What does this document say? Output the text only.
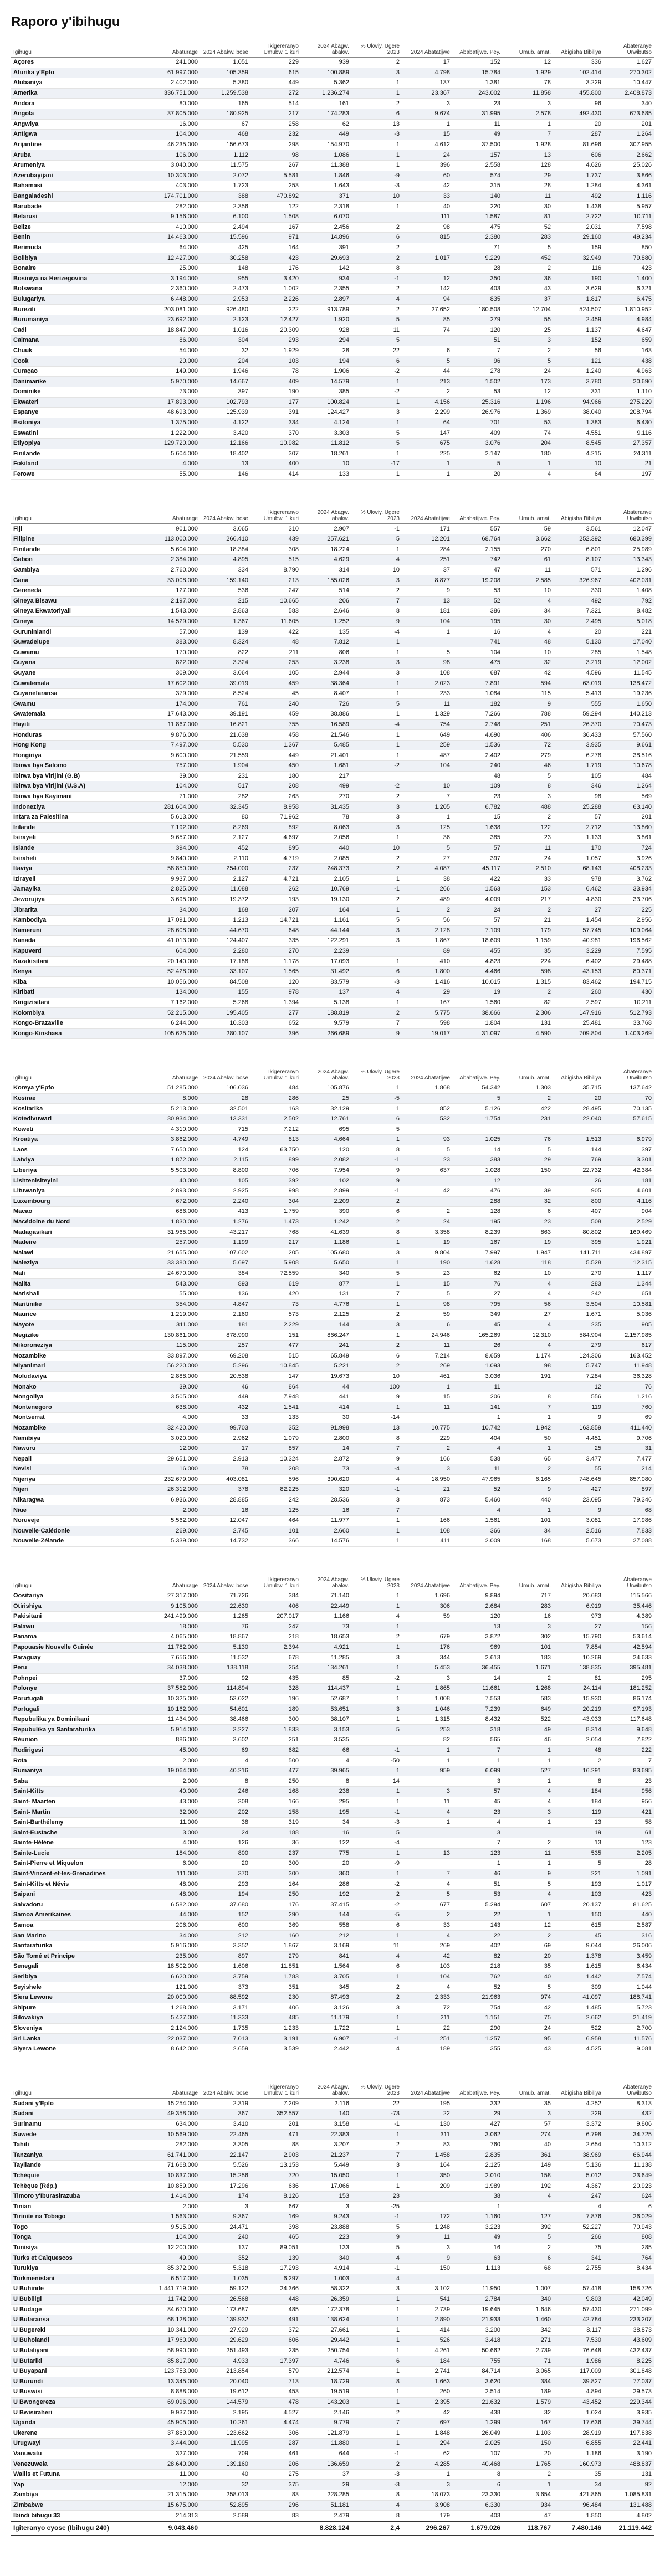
Raporo y'ibihugu
Igihugu	Abaturage	2024 Abakw. bose	Ikigereranyo Umubw. 1 kuri	2024 Abagw. abakw.	% Ukwiy. Ugere 2023	2024 Abatatijwe	Ababatijwe. Pey.	Umub. amat.	Abigisha Bibiliya	Abateranye Urwibutso
Açores	241.000	1.051	229	939	2	17	152	12	336	1.627
Afurika y'Epfo	61.997.000	105.359	615	100.889	3	4.798	15.784	1.929	102.414	270.302
Alubaniya	2.402.000	5.380	449	5.362	1	137	1.381	78	3.229	10.447
Amerika	336.751.000	1.259.538	272	1.236.274	1	23.367	243.002	11.858	455.800	2.408.873
Andora	80.000	165	514	161	2	3	23	3	96	340
Angola	37.805.000	180.925	217	174.283	6	9.674	31.995	2.578	492.430	673.685
Angwiya	16.000	67	258	62	13	1	11	1	20	201
Antigwa	104.000	468	232	449	-3	15	49	7	287	1.264
Arijantine	46.235.000	156.673	298	154.970	1	4.612	37.500	1.928	81.696	307.955
Aruba	106.000	1.112	98	1.086	1	24	157	13	606	2.662
Arumeniya	3.040.000	11.575	267	11.388	1	396	2.558	128	4.626	25.026
Azerubayijani	10.303.000	2.072	5.581	1.846	-9	60	574	29	1.737	3.866
Bahamasi	403.000	1.723	253	1.643	-3	42	315	28	1.284	4.361
Bangaladeshi	174.701.000	388	470.892	371	10	33	140	11	492	1.116
Barubade	282.000	2.356	122	2.318	1	40	220	30	1.438	5.957
Belarusi	9.156.000	6.100	1.508	6.070		111	1.587	81	2.722	10.711
Belize	410.000	2.494	167	2.456	2	98	475	52	2.031	7.598
Benin	14.463.000	15.596	971	14.896	6	815	2.380	283	29.160	49.234
Berimuda	64.000	425	164	391	2		71	5	159	850
Bolibiya	12.427.000	30.258	423	29.693	2	1.017	9.229	452	32.949	79.880
Bonaire	25.000	148	176	142	8		28	2	116	423
Bosiniya na Herizegovina	3.194.000	955	3.420	934	-1	12	350	36	190	1.400
Botswana	2.360.000	2.473	1.002	2.355	2	142	403	43	3.629	6.321
Bulugariya	6.448.000	2.953	2.226	2.897	4	94	835	37	1.817	6.475
Burezili	203.081.000	926.480	222	913.789	2	27.652	180.508	12.704	524.507	1.810.952
Burumaniya	23.692.000	2.123	12.427	1.920	5	85	279	55	2.459	4.984
Cadi	18.847.000	1.016	20.309	928	11	74	120	25	1.137	4.647
Calmana	86.000	304	293	294	5		51	3	152	659
Chuuk	54.000	32	1.929	28	22	6	7	2	56	163
Cook	20.000	204	103	194	6	5	96	5	121	438
Curaçao	149.000	1.946	78	1.906	-2	44	278	24	1.240	4.963
Danimarike	5.970.000	14.667	409	14.579	1	213	1.502	173	3.780	20.690
Dominike	73.000	397	190	385	-2	2	53	12	331	1.110
Ekwateri	17.893.000	102.793	177	100.824	1	4.156	25.316	1.196	94.966	275.229
Espanye	48.693.000	125.939	391	124.427	3	2.299	26.976	1.369	38.040	208.794
Esitoniya	1.375.000	4.122	334	4.124	1	64	701	53	1.383	6.430
Eswatini	1.222.000	3.420	370	3.303	5	147	409	74	4.551	9.116
Etiyopiya	129.720.000	12.166	10.982	11.812	5	675	3.076	204	8.545	27.357
Finilande	5.604.000	18.402	307	18.261	1	225	2.147	180	4.215	24.311
Fokiland	4.000	13	400	10	-17	1	5	1	10	21
Ferowe	55.000	146	414	133	1	1	20	4	64	197
Igihugu	Abaturage	2024 Abakw. bose	Ikigereranyo Umubw. 1 kuri	2024 Abagw. abakw.	% Ukwiy. Ugere 2023	2024 Abatatijwe	Ababatijwe. Pey.	Umub. amat.	Abigisha Bibiliya	Abateranye Urwibutso
Fiji	901.000	3.065	310	2.907	-1	171	557	59	3.561	12.047
Filipine	113.000.000	266.410	439	257.621	5	12.201	68.764	3.662	252.392	680.399
Finilande	5.604.000	18.384	308	18.224	1	284	2.155	270	6.801	25.989
Gabon	2.384.000	4.895	515	4.629	4	251	742	61	8.107	13.343
Gambiya	2.760.000	334	8.790	314	10	37	47	11	571	1.296
Gana	33.008.000	159.140	213	155.026	3	8.877	19.208	2.585	326.967	402.031
Gereneda	127.000	536	247	514	2	9	53	10	330	1.408
Gineya Bisawu	2.197.000	215	10.665	206	7	13	52	4	492	792
Gineya Ekwatoriyali	1.543.000	2.863	583	2.646	8	181	386	34	7.321	8.482
Gineya	14.529.000	1.367	11.605	1.252	9	104	195	30	2.495	5.018
Guruninlandi	57.000	139	422	135	-4	1	16	4	20	221
Guwadelupe	383.000	8.324	48	7.812	1		741	48	5.130	17.040
Guwamu	170.000	822	211	806	1	5	104	10	285	1.548
Guyana	822.000	3.324	253	3.238	3	98	475	32	3.219	12.002
Guyane	309.000	3.064	105	2.944	3	108	687	42	4.596	11.545
Guwatemala	17.602.000	39.019	459	38.364	1	2.023	7.891	594	63.019	138.472
Guyanefaransa	379.000	8.524	45	8.407	1	233	1.084	115	5.413	19.236
Gwamu	174.000	761	240	726	5	11	182	9	555	1.650
Gwatemala	17.643.000	39.191	459	38.886	1	1.329	7.266	788	59.294	140.213
Hayiti	11.867.000	16.821	755	16.589	-4	754	2.748	251	26.370	70.473
Honduras	9.876.000	21.638	458	21.546	1	649	4.690	406	36.433	57.560
Hong Kong	7.497.000	5.530	1.367	5.485	1	259	1.536	72	3.935	9.661
Hongiriya	9.600.000	21.559	449	21.401	1	487	2.402	279	6.278	38.516
Ibirwa bya Salomo	757.000	1.904	450	1.681	-2	104	240	46	1.719	10.678
Ibirwa bya Virijini (G.B)	39.000	231	180	217			48	5	105	484
Ibirwa bya Virijini (U.S.A)	104.000	517	208	499	-2	10	109	8	346	1.264
Ibirwa bya Kayimani	71.000	282	263	270	2	7	23	3	98	569
Indoneziya	281.604.000	32.345	8.958	31.435	3	1.205	6.782	488	25.288	63.140
Intara za Palesitina	5.613.000	80	71.962	78	3	1	15	2	57	201
Irilande	7.192.000	8.269	892	8.063	3	125	1.638	122	2.712	13.860
Isirayeli	9.657.000	2.127	4.697	2.056	1	36	385	23	1.133	3.861
Islande	394.000	452	895	440	10	5	57	11	170	724
Isiraheli	9.840.000	2.110	4.719	2.085	2	27	397	24	1.057	3.926
Itaviya	58.850.000	254.000	237	248.373	2	4.087	45.117	2.510	68.143	408.233
Izirayeli	9.937.000	2.127	4.721	2.105	1	38	422	33	978	3.762
Jamayika	2.825.000	11.088	262	10.769	-1	266	1.563	153	6.462	33.934
Jeworujiya	3.695.000	19.372	193	19.130	2	489	4.009	217	4.830	33.706
Jibrarita	34.000	168	207	164	1	2	24	2	27	225
Kambodiya	17.091.000	1.213	14.721	1.161	5	56	57	21	1.454	2.956
Kameruni	28.608.000	44.670	648	44.144	3	2.128	7.109	179	57.745	109.064
Kanada	41.013.000	124.407	335	122.291	3	1.867	18.609	1.159	40.981	196.562
Kapuverd	604.000	2.280	270	2.239		89	455	35	3.229	7.595
Kazakisitani	20.140.000	17.188	1.178	17.093	1	410	4.823	224	6.402	29.488
Kenya	52.428.000	33.107	1.565	31.492	6	1.800	4.466	598	43.153	80.371
Kiba	10.056.000	84.508	120	83.579	-3	1.416	10.015	1.315	83.462	194.715
Kiribati	134.000	155	978	137	4	29	19	2	260	430
Kirigizisitani	7.162.000	5.268	1.394	5.138	1	167	1.560	82	2.597	10.211
Kolombiya	52.215.000	195.405	277	188.819	2	5.775	38.666	2.306	147.916	512.793
Kongo-Brazaville	6.244.000	10.303	652	9.579	7	598	1.804	131	25.481	33.768
Kongo-Kinshasa	105.625.000	280.107	396	266.689	9	19.017	31.097	4.590	709.804	1.403.269
Igihugu	Abaturage	2024 Abakw. bose	Ikigereranyo Umubw. 1 kuri	2024 Abagw. abakw.	% Ukwiy. Ugere 2023	2024 Abatatijwe	Ababatijwe. Pey.	Umub. amat.	Abigisha Bibiliya	Abateranye Urwibutso
Koreya y'Epfo	51.285.000	106.036	484	105.876	1	1.868	54.342	1.303	35.715	137.642
Kosirae	8.000	28	286	25	-5		5	2	20	70
Kositarika	5.213.000	32.501	163	32.129	1	852	5.126	422	28.495	70.135
Kotedivuwari	30.934.000	13.331	2.502	12.761	6	532	1.754	231	22.040	57.615
Koweti	4.310.000	715	7.212	695	5					
Kroatiya	3.862.000	4.749	813	4.664	1	93	1.025	76	1.513	6.979
Laos	7.650.000	124	63.750	120	8	5	14	5	144	397
Latviya	1.872.000	2.115	899	2.082	-1	23	383	29	769	3.301
Liberiya	5.503.000	8.800	706	7.954	9	637	1.028	150	22.732	42.384
Lishtenisiteyini	40.000	105	392	102	9		12		26	181
Lituwaniya	2.893.000	2.925	998	2.899	-1	42	476	39	905	4.601
Luxembourg	672.000	2.240	304	2.209	2		288	32	800	4.116
Macao	686.000	413	1.759	390	6	2	128	6	407	904
Macédoine du Nord	1.830.000	1.276	1.473	1.242	2	24	195	23	508	2.529
Madagasikari	31.965.000	43.217	768	41.639	8	3.358	8.239	863	80.802	169.469
Madeire	257.000	1.199	217	1.186	1	19	167	19	395	1.921
Malawi	21.655.000	107.602	205	105.680	3	9.804	7.997	1.947	141.711	434.897
Maleziya	33.380.000	5.697	5.908	5.650	1	190	1.628	118	5.528	12.315
Mali	24.670.000	384	72.559	340	5	23	62	10	270	1.117
Malita	543.000	893	619	877	1	15	76	4	283	1.344
Marishali	55.000	136	420	131	7	5	27	4	242	651
Maritinike	354.000	4.847	73	4.776	1	98	795	56	3.504	10.581
Maurice	1.219.000	2.160	573	2.125	2	59	349	27	1.671	5.036
Mayote	311.000	181	2.229	144	3	6	45	4	235	905
Megizike	130.861.000	878.990	151	866.247	1	24.946	165.269	12.310	584.904	2.157.985
Mikoroneziya	115.000	257	477	241	2	11	26	4	279	617
Mozambike	33.897.000	69.208	515	65.849	6	7.214	8.659	1.174	124.306	163.452
Miyanimari	56.220.000	5.296	10.845	5.221	2	269	1.093	98	5.747	11.948
Moludaviya	2.888.000	20.538	147	19.673	10	461	3.036	191	7.284	36.328
Monako	39.000	46	864	44	100	1	11		12	76
Mongoliya	3.505.000	449	7.948	441	9	15	206	8	556	1.216
Montenegoro	638.000	432	1.541	414	1	11	141	7	119	760
Montserrat	4.000	33	133	30	-14		1	1	9	69
Mozambike	32.420.000	99.703	352	91.998	13	10.775	10.742	1.942	163.859	411.440
Namibiya	3.020.000	2.962	1.079	2.800	8	229	404	50	4.451	9.706
Nawuru	12.000	17	857	14	7	2	4	1	25	31
Nepali	29.651.000	2.913	10.324	2.872	9	166	538	65	3.477	7.477
Nevisi	16.000	78	208	73	-4	3	11	2	55	214
Nijeriya	232.679.000	403.081	596	390.620	4	18.950	47.965	6.165	748.645	857.080
Nijeri	26.312.000	378	82.225	320	-1	21	52	9	427	897
Nikaragwa	6.936.000	28.885	242	28.536	3	873	5.460	440	23.095	79.346
Niue	2.000	16	125	16	7		4	1	9	68
Noruveje	5.562.000	12.047	464	11.977	1	166	1.561	101	3.081	17.986
Nouvelle-Calédonie	269.000	2.745	101	2.660	1	108	366	34	2.516	7.833
Nouvelle-Zélande	5.339.000	14.732	366	14.576	1	411	2.009	168	5.673	27.088
Igihugu	Abaturage	2024 Abakw. bose	Ikigereranyo Umubw. 1 kuri	2024 Abagw. abakw.	% Ukwiy. Ugere 2023	2024 Abatatijwe	Ababatijwe. Pey.	Umub. amat.	Abigisha Bibiliya	Abateranye Urwibutso
Oositariya	27.317.000	71.726	384	71.140	1	1.696	9.894	717	20.683	115.566
Otirishiya	9.105.000	22.630	406	22.449	1	306	2.684	283	6.919	35.446
Pakisitani	241.499.000	1.265	207.017	1.166	4	59	120	16	973	4.389
Palawu	18.000	76	247	73	1		13	3	27	156
Panama	4.065.000	18.867	218	18.653	2	679	3.872	302	15.790	53.614
Papouasie Nouvelle Guinée	11.782.000	5.130	2.394	4.921	1	176	969	101	7.854	42.594
Paraguay	7.656.000	11.532	678	11.285	3	344	2.613	183	10.269	24.633
Peru	34.038.000	138.118	254	134.261	1	5.453	36.455	1.671	138.835	395.481
Pohnpei	37.000	92	435	85	-2	3	14	2	81	295
Polonye	37.582.000	114.894	328	114.437	1	1.865	11.661	1.268	24.114	181.252
Porutugali	10.325.000	53.022	196	52.687	1	1.008	7.553	583	15.930	86.174
Portugali	10.162.000	54.601	189	53.651	3	1.046	7.239	649	20.219	97.193
Repubulika ya Dominikani	11.434.000	38.466	300	38.107	1	1.315	8.432	522	43.933	117.648
Repubulika ya Santarafurika	5.914.000	3.227	1.833	3.153	5	253	318	49	8.314	9.648
Réunion	886.000	3.602	251	3.535		82	565	46	2.054	7.822
Rodirigesi	45.000	69	682	66	-1	1	7	1	48	222
Rota	2.000	4	500	4	-50	1	1	1	2	7
Rumaniya	19.064.000	40.216	477	39.965	1	959	6.099	527	16.291	83.695
Saba	2.000	8	250	8	14		3	1	8	23
Saint-Kitts	40.000	246	168	238	1	3	57	4	184	956
Saint- Maarten	43.000	308	166	295	1	11	45	4	184	956
Saint- Martin	32.000	202	158	195	-1	4	23	3	119	421
Saint-Barthélemy	11.000	38	319	34	-3	1	4	1	13	58
Saint-Eustache	3.000	24	188	16	5		3		19	61
Sainte-Hélène	4.000	126	36	122	-4		7	2	13	123
Sainte-Lucie	184.000	800	237	775	1	13	123	11	535	2.205
Saint-Pierre et Miquelon	6.000	20	300	20	-9		1	1	5	28
Saint-Vincent-et-les-Grenadines	111.000	370	300	360	1	7	46	9	221	1.091
Saint-Kitts et Névis	48.000	293	164	286	-2	4	51	5	193	1.017
Saipani	48.000	194	250	192	2	5	53	4	103	423
Salvadoru	6.582.000	37.680	176	37.415	-2	677	5.294	607	20.137	81.625
Samoa Amerikaines	44.000	152	290	144	-5	2	22	1	150	440
Samoa	206.000	600	369	558	6	33	143	12	615	2.587
San Marino	34.000	212	160	212	1	4	22	2	45	316
Santarafurika	5.916.000	3.352	1.867	3.169	11	269	402	69	9.044	26.006
São Tomé et Principe	235.000	897	279	841	4	42	82	20	1.378	3.459
Senegali	18.502.000	1.606	11.851	1.564	6	103	218	35	1.615	6.434
Seribiya	6.620.000	3.759	1.783	3.705	1	104	762	40	1.442	7.574
Seyishele	121.000	373	351	345	2	4	52	5	309	1.044
Siera Lewone	20.000.000	88.592	230	87.493	2	2.333	21.963	974	41.097	188.741
Shipure	1.268.000	3.171	406	3.126	3	72	754	42	1.485	5.723
Silovakiya	5.427.000	11.333	485	11.179	1	211	1.151	75	2.662	21.419
Sloveniya	2.124.000	1.735	1.233	1.722	1	22	290	24	522	2.700
Sri Lanka	22.037.000	7.013	3.191	6.907	-1	251	1.257	95	6.958	11.576
Siyera Lewone	8.642.000	2.659	3.539	2.442	4	189	355	43	4.525	9.081
Igihugu	Abaturage	2024 Abakw. bose	Ikigereranyo Umubw. 1 kuri	2024 Abagw. abakw.	% Ukwiy. Ugere 2023	2024 Abatatijwe	Ababatijwe. Pey.	Umub. amat.	Abigisha Bibiliya	Abateranye Urwibutso
Sudani y'Epfo	15.254.000	2.319	7.209	2.116	22	195	332	35	4.252	8.313
Sudani	49.358.000	367	352.557	140	-73	22	29	3	229	432
Surinamu	634.000	3.410	201	3.158	-1	130	427	57	3.372	9.806
Suwede	10.569.000	22.465	471	22.383	1	311	3.062	274	6.798	34.725
Tahiti	282.000	3.305	88	3.207	2	83	760	40	2.654	10.312
Tanzaniya	61.741.000	22.147	2.903	21.237	7	1.458	2.835	361	38.969	66.944
Tayilande	71.668.000	5.526	13.153	5.449	3	164	2.125	149	5.136	11.138
Tchéquie	10.837.000	15.256	720	15.050	1	350	2.010	158	5.012	23.649
Tchèque (Rép.)	10.859.000	17.296	636	17.066	1	209	1.989	192	4.367	20.923
Timoro y'Iburasirazuba	1.414.000	174	8.126	153	23		38	4	247	624
Tinian	2.000	3	667	3	-25		1		4	6
Tirinite na Tobago	1.563.000	9.367	169	9.243	-1	172	1.160	127	7.876	26.029
Togo	9.515.000	24.471	398	23.888	5	1.248	3.223	392	52.227	70.943
Tonga	104.000	240	465	223	9	11	49	5	266	808
Tunisiya	12.200.000	137	89.051	133	5	3	16	2	75	285
Turks et Caïquescos	49.000	352	139	340	4	9	63	6	341	764
Turukiya	85.372.000	5.318	17.293	4.914	-1	150	1.113	68	2.755	8.434
Turkmenistani	6.517.000	1.035	6.297	1.003	4					
U Buhinde	1.441.719.000	59.122	24.366	58.322	3	3.102	11.950	1.007	57.418	158.726
U Bubiligi	11.742.000	26.568	448	26.359	1	541	2.784	340	9.803	42.049
U Budage	84.670.000	173.687	485	172.378	1	2.739	19.645	1.646	57.430	271.099
U Bufaransa	68.128.000	139.932	491	138.624	1	2.890	21.933	1.460	42.784	233.207
U Bugereki	10.341.000	27.929	372	27.661	1	414	3.200	342	8.117	38.873
U Buholandi	17.960.000	29.629	606	29.442	1	526	3.418	271	7.530	43.609
U Butaliyani	58.990.000	251.493	235	250.754	1	4.261	50.662	2.739	76.648	432.437
U Butariki	85.817.000	4.933	17.397	4.746	6	184	755	71	1.986	8.225
U Buyapani	123.753.000	213.854	579	212.574	1	2.741	84.714	3.065	117.009	301.848
U Burundi	13.345.000	20.040	713	18.729	8	1.663	3.620	384	39.827	77.037
U Buswisi	8.888.000	19.612	453	19.519	1	260	2.514	189	4.894	29.573
U Bwongereza	69.096.000	144.579	478	143.203	1	2.395	21.632	1.579	43.452	229.344
U Bwisiraheri	9.937.000	2.195	4.527	2.146	2	42	438	32	1.024	3.935
Uganda	45.905.000	10.261	4.474	9.779	7	697	1.299	167	17.636	39.744
Ukerene	37.860.000	123.662	306	121.879	1	1.848	26.049	1.103	28.919	197.838
Urugwayi	3.444.000	11.995	287	11.880	1	294	2.025	150	6.855	22.441
Vanuwatu	327.000	709	461	644	-1	62	107	20	1.186	3.190
Venezuwela	28.640.000	139.160	206	136.659	2	4.285	40.468	1.765	160.973	488.837
Wallis et Futuna	11.000	40	275	37	-3	1	8	2	35	131
Yap	12.000	32	375	29	-3	3	6	1	34	92
Zambiya	21.315.000	258.013	83	228.285	8	18.073	23.330	3.654	421.865	1.085.831
Zimbabwe	15.675.000	52.895	296	51.181	4	3.908	6.330	934	96.484	131.488
Ibindi bihugu 33	214.313	2.589	83	2.479	8	179	403	47	1.850	4.802
Igiteranyo cyose (Ibihugu 240)	9.043.460			8.828.124	2,4	296.267	1.679.026	118.767	7.480.146	21.119.442
